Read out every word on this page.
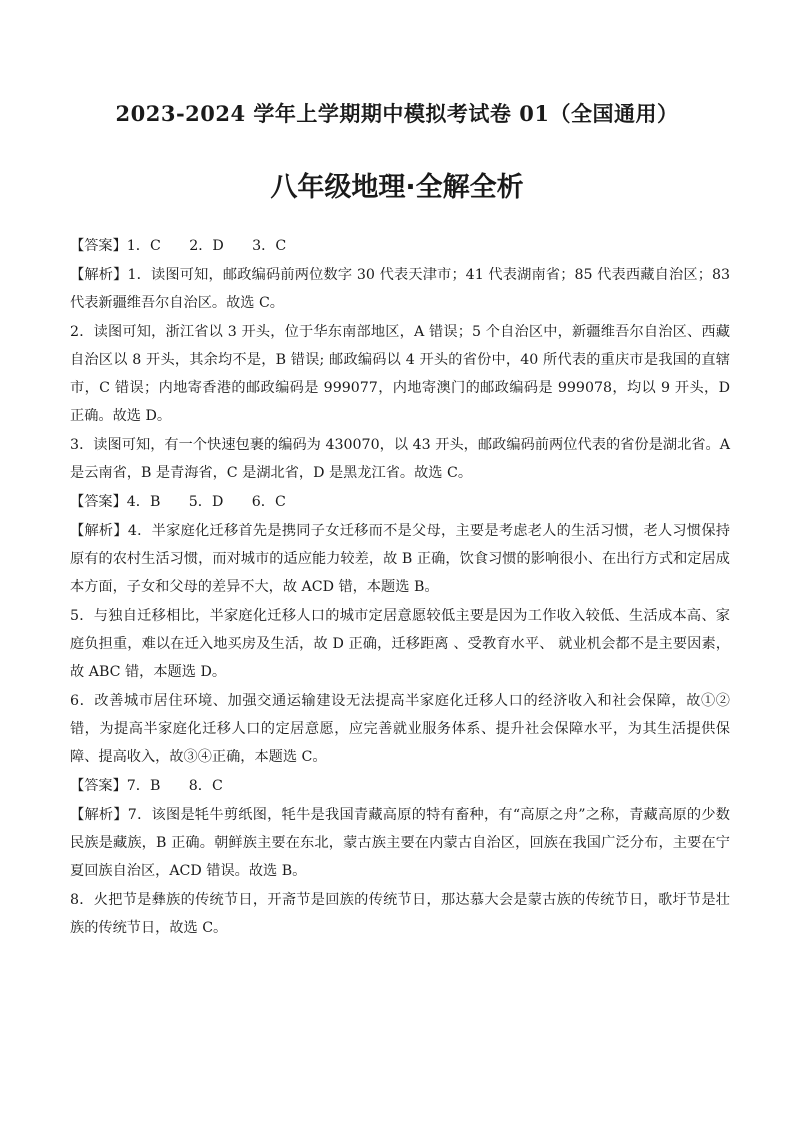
2023-2024 学年上学期期中模拟考试卷 01（全国通用）
八年级地理·全解全析

【答案】1．C　　2．D　　3．C

【解析】1．读图可知，邮政编码前两位数字 30 代表天津市；41 代表湖南省；85 代表西藏自治区；83 代表新疆维吾尔自治区。故选 C。

2．读图可知，浙江省以 3 开头，位于华东南部地区，A 错误；5 个自治区中，新疆维吾尔自治区、西藏自治区以 8 开头，其余均不是，B 错误; 邮政编码以 4 开头的省份中，40 所代表的重庆市是我国的直辖市，C 错误；内地寄香港的邮政编码是 999077，内地寄澳门的邮政编码是 999078，均以 9 开头，D 正确。故选 D。

3．读图可知，有一个快速包裹的编码为 430070，以 43 开头，邮政编码前两位代表的省份是湖北省。A 是云南省，B 是青海省，C 是湖北省，D 是黑龙江省。故选 C。

【答案】4．B　　5．D　　6．C

【解析】4．半家庭化迁移首先是携同子女迁移而不是父母，主要是考虑老人的生活习惯，老人习惯保持原有的农村生活习惯，而对城市的适应能力较差，故 B 正确，饮食习惯的影响很小、在出行方式和定居成本方面，子女和父母的差异不大，故 ACD 错，本题选 B。

5．与独自迁移相比，半家庭化迁移人口的城市定居意愿较低主要是因为工作收入较低、生活成本高、家庭负担重，难以在迁入地买房及生活，故 D 正确，迁移距离 、受教育水平、 就业机会都不是主要因素，故 ABC 错，本题选 D。

6．改善城市居住环境、加强交通运输建设无法提高半家庭化迁移人口的经济收入和社会保障，故①②错，为提高半家庭化迁移人口的定居意愿，应完善就业服务体系、提升社会保障水平，为其生活提供保障、提高收入，故③④正确，本题选 C。

【答案】7．B　　8．C

【解析】7．该图是牦牛剪纸图，牦牛是我国青藏高原的特有畜种，有“高原之舟”之称，青藏高原的少数民族是藏族，B 正确。朝鲜族主要在东北，蒙古族主要在内蒙古自治区，回族在我国广泛分布，主要在宁夏回族自治区，ACD 错误。故选 B。

8．火把节是彝族的传统节日，开斋节是回族的传统节日，那达慕大会是蒙古族的传统节日，歌圩节是壮族的传统节日，故选 C。
